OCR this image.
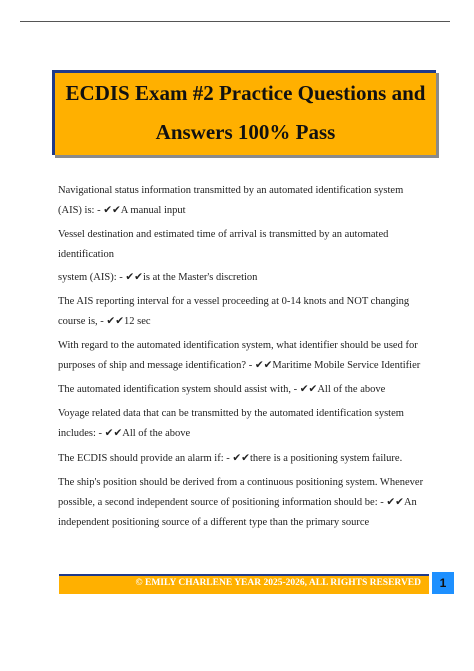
ECDIS Exam #2 Practice Questions and
Answers 100% Pass
Navigational status information transmitted by an automated identification system
(AIS) is: - ✔✔A manual input
Vessel destination and estimated time of arrival is transmitted by an automated
identification
system (AIS): - ✔✔is at the Master's discretion
The AIS reporting interval for a vessel proceeding at 0-14 knots and NOT changing
course is, - ✔✔12 sec
With regard to the automated identification system, what identifier should be used for
purposes of ship and message identification? - ✔✔Maritime Mobile Service Identifier
The automated identification system should assist with, - ✔✔All of the above
Voyage related data that can be transmitted by the automated identification system
includes: - ✔✔All of the above
The ECDIS should provide an alarm if: - ✔✔there is a positioning system failure.
The ship's position should be derived from a continuous positioning system. Whenever
possible, a second independent source of positioning information should be: - ✔✔An
independent positioning source of a different type than the primary source
© EMILY CHARLENE YEAR 2025-2026, ALL RIGHTS RESERVED	1
